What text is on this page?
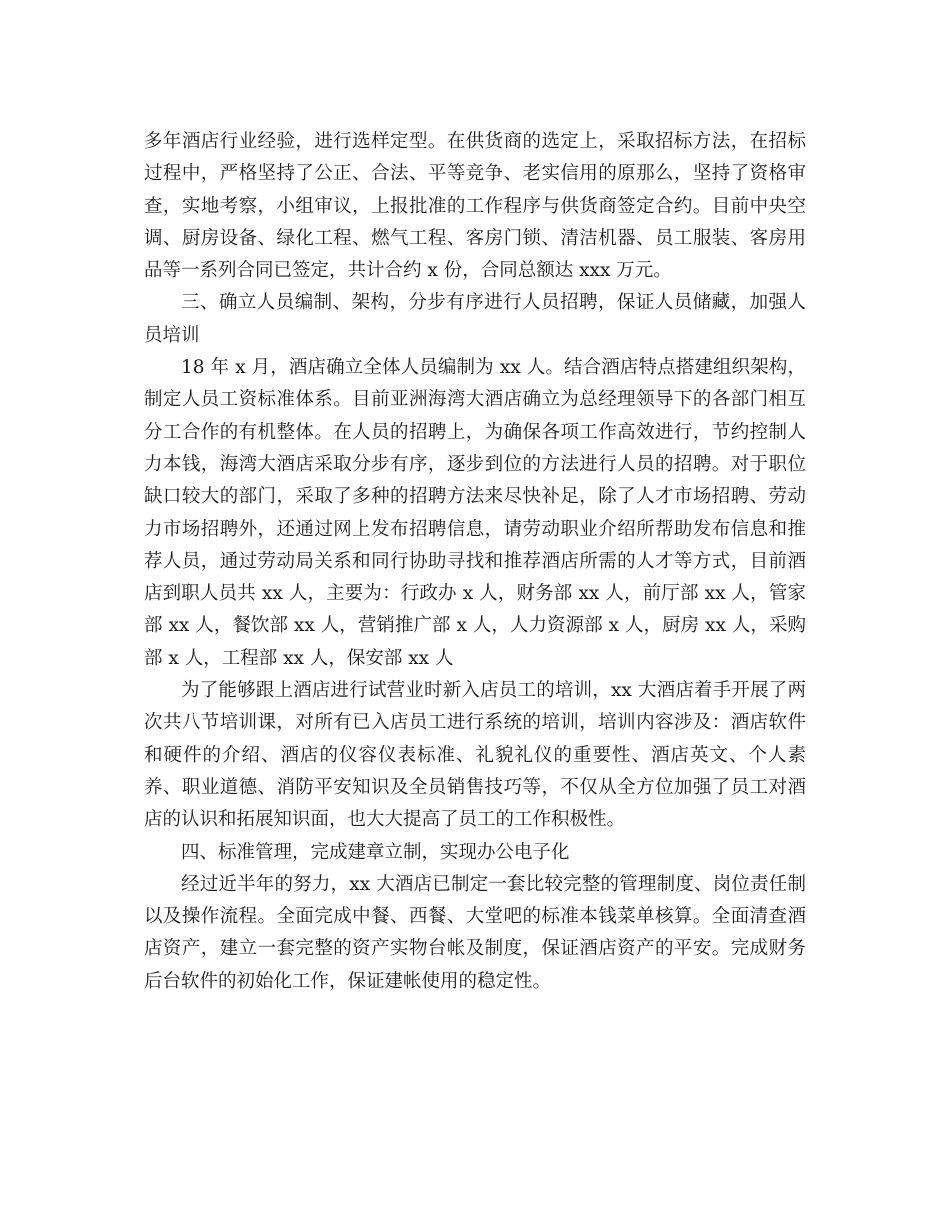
多年酒店行业经验，进行选样定型。在供货商的选定上，采取招标方法，在招标过程中，严格坚持了公正、合法、平等竞争、老实信用的原那么，坚持了资格审查，实地考察，小组审议，上报批准的工作程序与供货商签定合约。目前中央空调、厨房设备、绿化工程、燃气工程、客房门锁、清洁机器、员工服装、客房用品等一系列合同已签定，共计合约 x 份，合同总额达 xxx 万元。

三、确立人员编制、架构，分步有序进行人员招聘，保证人员储藏，加强人员培训

18 年 x 月，酒店确立全体人员编制为 xx 人。结合酒店特点搭建组织架构，制定人员工资标准体系。目前亚洲海湾大酒店确立为总经理领导下的各部门相互分工合作的有机整体。在人员的招聘上，为确保各项工作高效进行，节约控制人力本钱，海湾大酒店采取分步有序，逐步到位的方法进行人员的招聘。对于职位缺口较大的部门，采取了多种的招聘方法来尽快补足，除了人才市场招聘、劳动力市场招聘外，还通过网上发布招聘信息，请劳动职业介绍所帮助发布信息和推荐人员，通过劳动局关系和同行协助寻找和推荐酒店所需的人才等方式，目前酒店到职人员共 xx 人，主要为：行政办 x 人，财务部 xx 人，前厅部 xx 人，管家部 xx 人，餐饮部 xx 人，营销推广部 x 人，人力资源部 x 人，厨房 xx 人，采购部 x 人，工程部 xx 人，保安部 xx 人

为了能够跟上酒店进行试营业时新入店员工的培训，xx 大酒店着手开展了两次共八节培训课，对所有已入店员工进行系统的培训，培训内容涉及：酒店软件和硬件的介绍、酒店的仪容仪表标准、礼貌礼仪的重要性、酒店英文、个人素养、职业道德、消防平安知识及全员销售技巧等，不仅从全方位加强了员工对酒店的认识和拓展知识面，也大大提高了员工的工作积极性。

四、标准管理，完成建章立制，实现办公电子化

经过近半年的努力，xx 大酒店已制定一套比较完整的管理制度、岗位责任制以及操作流程。全面完成中餐、西餐、大堂吧的标准本钱菜单核算。全面清查酒店资产，建立一套完整的资产实物台帐及制度，保证酒店资产的平安。完成财务后台软件的初始化工作，保证建帐使用的稳定性。
